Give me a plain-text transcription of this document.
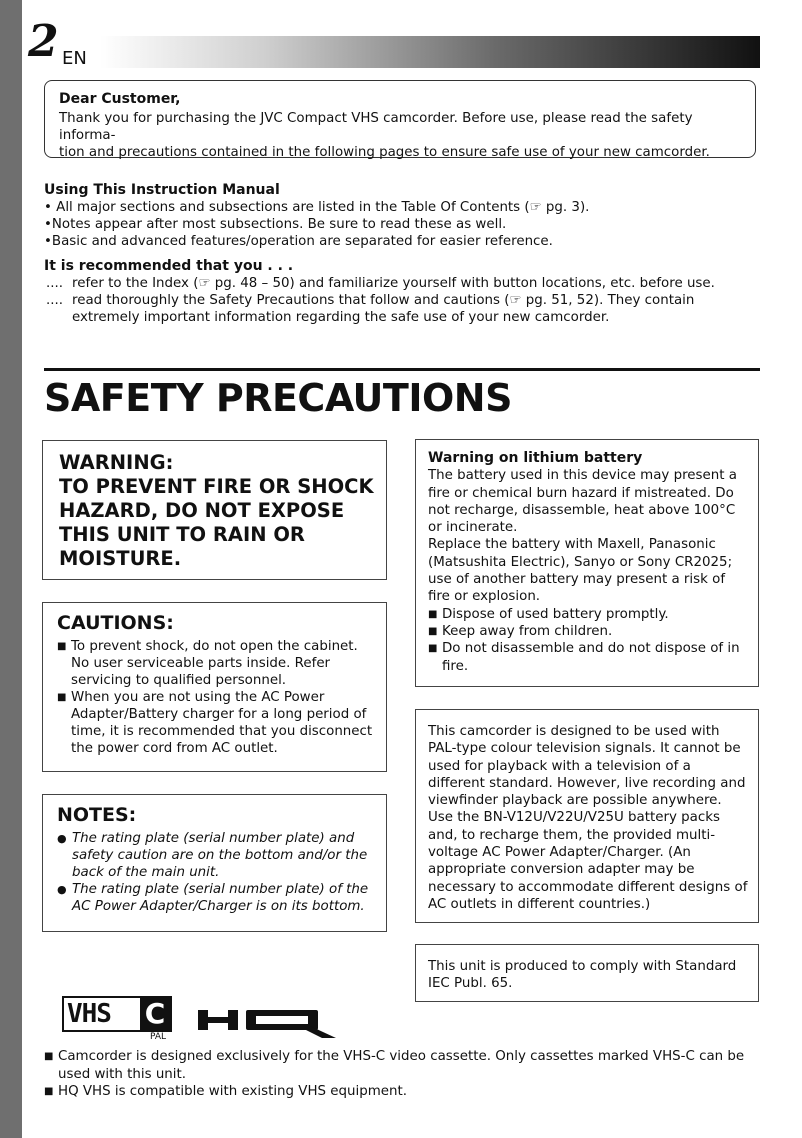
2 EN
Dear Customer,
Thank you for purchasing the JVC Compact VHS camcorder. Before use, please read the safety informa-
tion and precautions contained in the following pages to ensure safe use of your new camcorder.
Using This Instruction Manual
• All major sections and subsections are listed in the Table Of Contents (☞ pg. 3).
•Notes appear after most subsections. Be sure to read these as well.
•Basic and advanced features/operation are separated for easier reference.
It is recommended that you . . .
.... refer to the Index (☞ pg. 48 – 50) and familiarize yourself with button locations, etc. before use.
.... read thoroughly the Safety Precautions that follow and cautions (☞ pg. 51, 52). They contain extremely important information regarding the safe use of your new camcorder.
SAFETY PRECAUTIONS
WARNING:
TO PREVENT FIRE OR SHOCK
HAZARD, DO NOT EXPOSE
THIS UNIT TO RAIN OR
MOISTURE.
CAUTIONS:
■ To prevent shock, do not open the cabinet. No user serviceable parts inside. Refer servicing to qualified personnel.
■ When you are not using the AC Power Adapter/Battery charger for a long period of time, it is recommended that you disconnect the power cord from AC outlet.
NOTES:
● The rating plate (serial number plate) and safety caution are on the bottom and/or the back of the main unit.
● The rating plate (serial number plate) of the AC Power Adapter/Charger is on its bottom.
Warning on lithium battery
The battery used in this device may present a fire or chemical burn hazard if mistreated. Do not recharge, disassemble, heat above 100°C or incinerate.
Replace the battery with Maxell, Panasonic (Matsushita Electric), Sanyo or Sony CR2025; use of another battery may present a risk of fire or explosion.
■ Dispose of used battery promptly.
■ Keep away from children.
■ Do not disassemble and do not dispose of in fire.
This camcorder is designed to be used with PAL-type colour television signals. It cannot be used for playback with a television of a different standard. However, live recording and viewfinder playback are possible anywhere. Use the BN-V12U/V22U/V25U battery packs and, to recharge them, the provided multi-voltage AC Power Adapter/Charger. (An appropriate conversion adapter may be necessary to accommodate different designs of AC outlets in different countries.)
This unit is produced to comply with Standard IEC Publ. 65.
VHS C
PAL
HQ
■ Camcorder is designed exclusively for the VHS-C video cassette. Only cassettes marked VHS-C can be used with this unit.
■ HQ VHS is compatible with existing VHS equipment.
